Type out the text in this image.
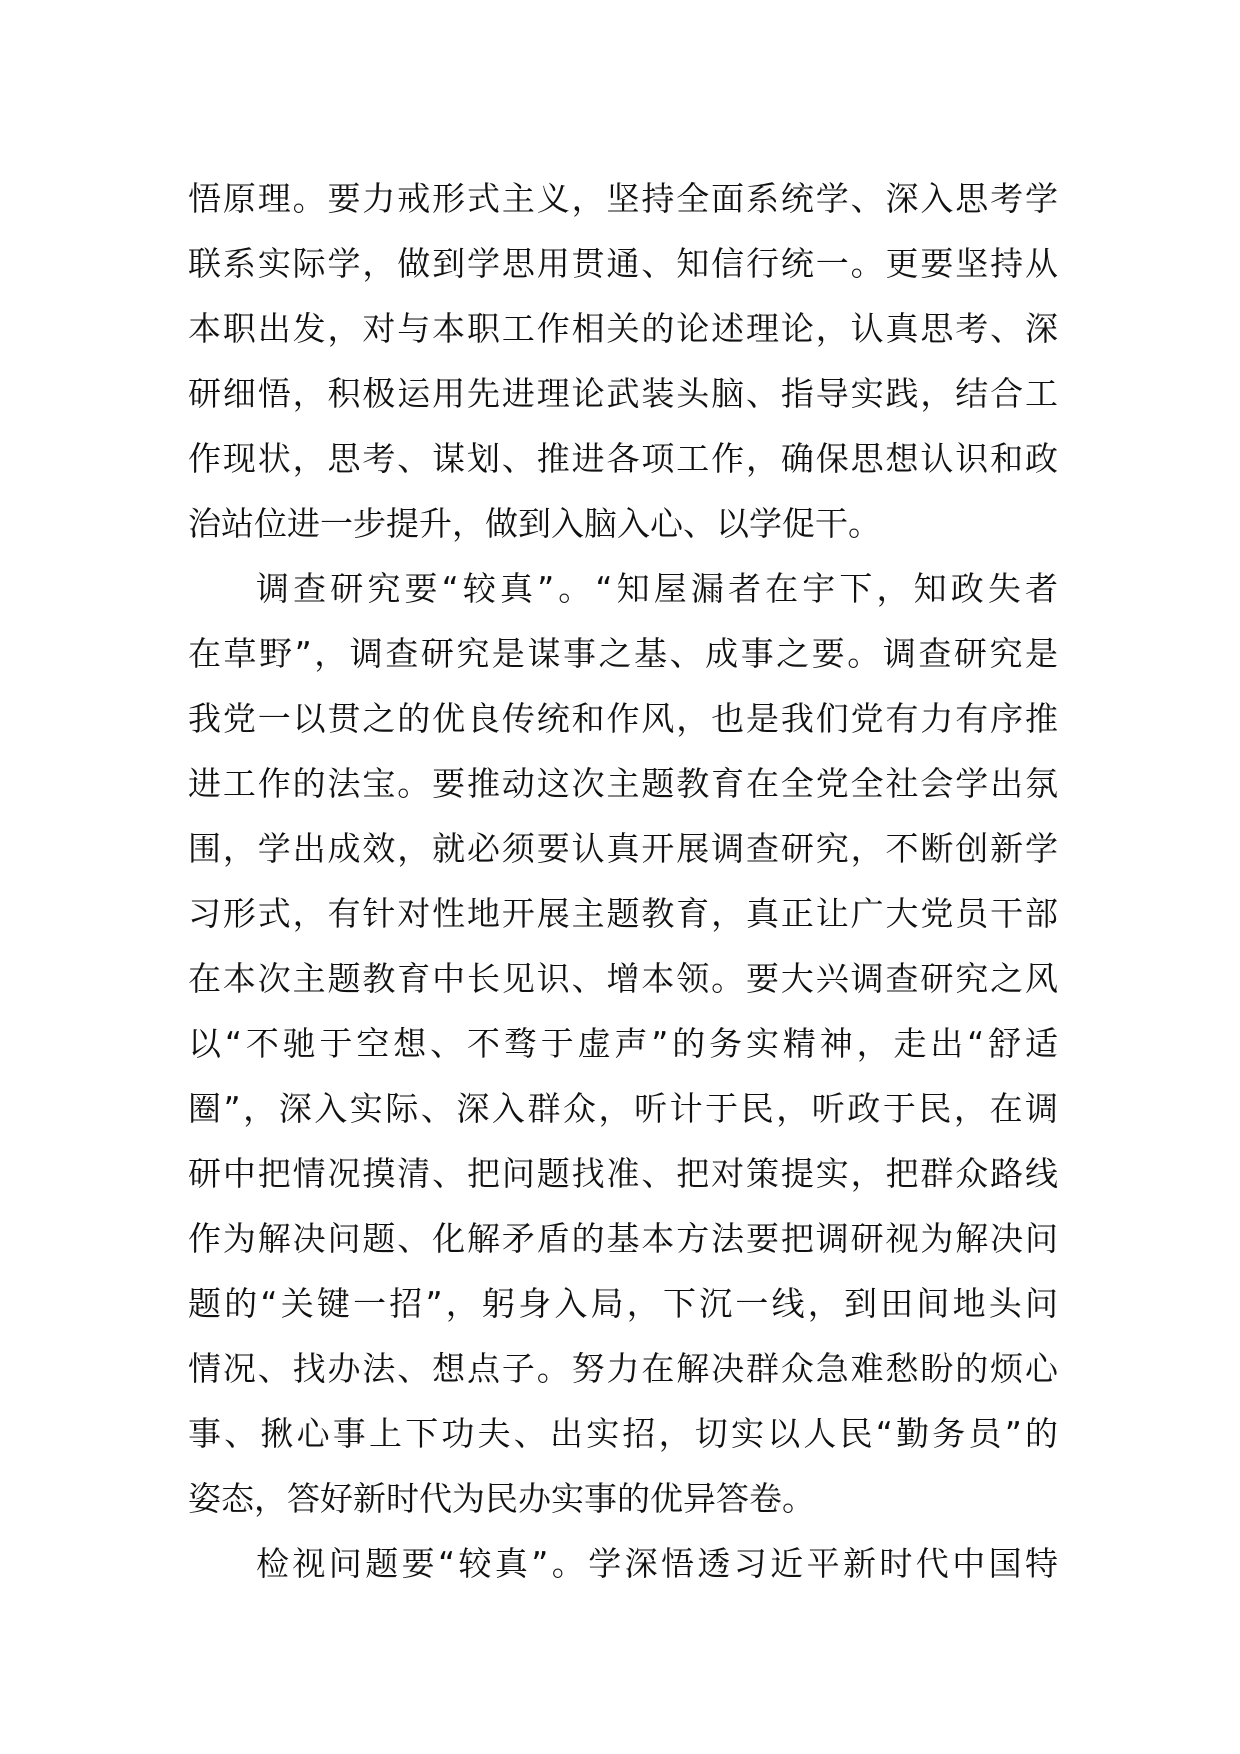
悟原理。要力戒形式主义，坚持全面系统学、深入思考学
联系实际学，做到学思用贯通、知信行统一。更要坚持从
本职出发，对与本职工作相关的论述理论，认真思考、深
研细悟，积极运用先进理论武装头脑、指导实践，结合工
作现状，思考、谋划、推进各项工作，确保思想认识和政
治站位进一步提升，做到入脑入心、以学促干。
调查研究要“较真”。“知屋漏者在宇下，知政失者
在草野”，调查研究是谋事之基、成事之要。调查研究是
我党一以贯之的优良传统和作风，也是我们党有力有序推
进工作的法宝。要推动这次主题教育在全党全社会学出氛
围，学出成效，就必须要认真开展调查研究，不断创新学
习形式，有针对性地开展主题教育，真正让广大党员干部
在本次主题教育中长见识、增本领。要大兴调查研究之风
以“不驰于空想、不骛于虚声”的务实精神，走出“舒适
圈”，深入实际、深入群众，听计于民，听政于民，在调
研中把情况摸清、把问题找准、把对策提实，把群众路线
作为解决问题、化解矛盾的基本方法要把调研视为解决问
题的“关键一招”，躬身入局，下沉一线，到田间地头问
情况、找办法、想点子。努力在解决群众急难愁盼的烦心
事、揪心事上下功夫、出实招，切实以人民“勤务员”的
姿态，答好新时代为民办实事的优异答卷。
检视问题要“较真”。学深悟透习近平新时代中国特
